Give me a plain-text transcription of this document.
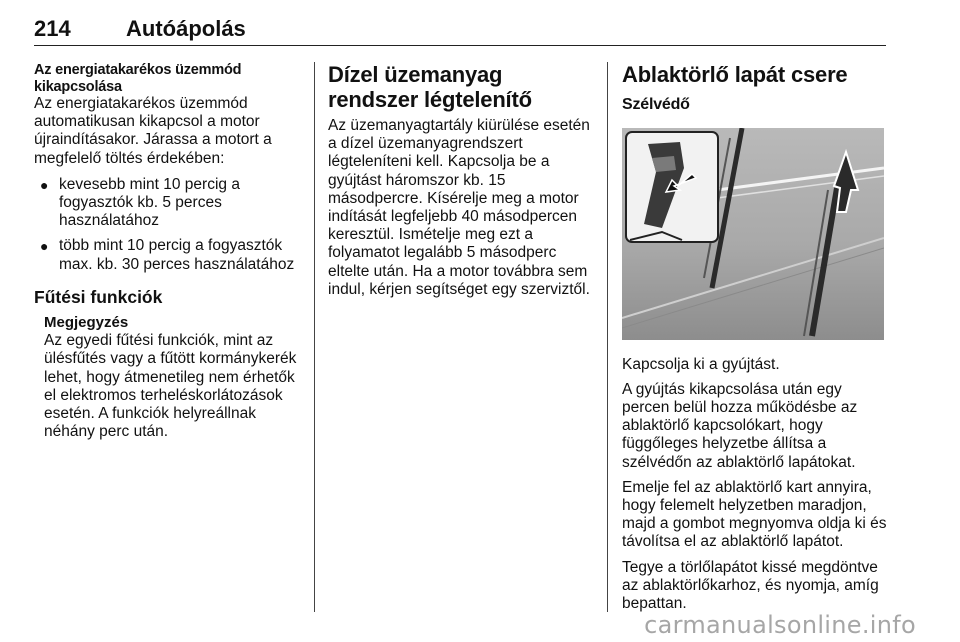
214	Autóápolás

Az energiatakarékos üzemmód kikapcsolása

Az energiatakarékos üzemmód automatikusan kikapcsol a motor újraindításakor. Járassa a motort a megfelelő töltés érdekében:

● kevesebb mint 10 percig a fogyasztók kb. 5 perces használatához
● több mint 10 percig a fogyasztók max. kb. 30 perces használatához

Fűtési funkciók

Megjegyzés

Az egyedi fűtési funkciók, mint az ülésfűtés vagy a fűtött kormánykerék lehet, hogy átmenetileg nem érhetők el elektromos terheléskorlátozások esetén. A funkciók helyreállnak néhány perc után.

Dízel üzemanyag rendszer légtelenítő

Az üzemanyagtartály kiürülése esetén a dízel üzemanyagrendszert légteleníteni kell. Kapcsolja be a gyújtást háromszor kb. 15 másodpercre. Kísérelje meg a motor indítását legfeljebb 40 másodpercen keresztül. Ismételje meg ezt a folyamatot legalább 5 másodperc eltelte után. Ha a motor továbbra sem indul, kérjen segítséget egy szerviztől.

Ablaktörlő lapát csere

Szélvédő

Kapcsolja ki a gyújtást.

A gyújtás kikapcsolása után egy percen belül hozza működésbe az ablaktörlő kapcsolókart, hogy függőleges helyzetbe állítsa a szélvédőn az ablaktörlő lapátokat.

Emelje fel az ablaktörlő kart annyira, hogy felemelt helyzetben maradjon, majd a gombot megnyomva oldja ki és távolítsa el az ablaktörlő lapátot.

Tegye a törlőlapátot kissé megdöntve az ablaktörlőkarhoz, és nyomja, amíg bepattan.

carmanualsonline.info
